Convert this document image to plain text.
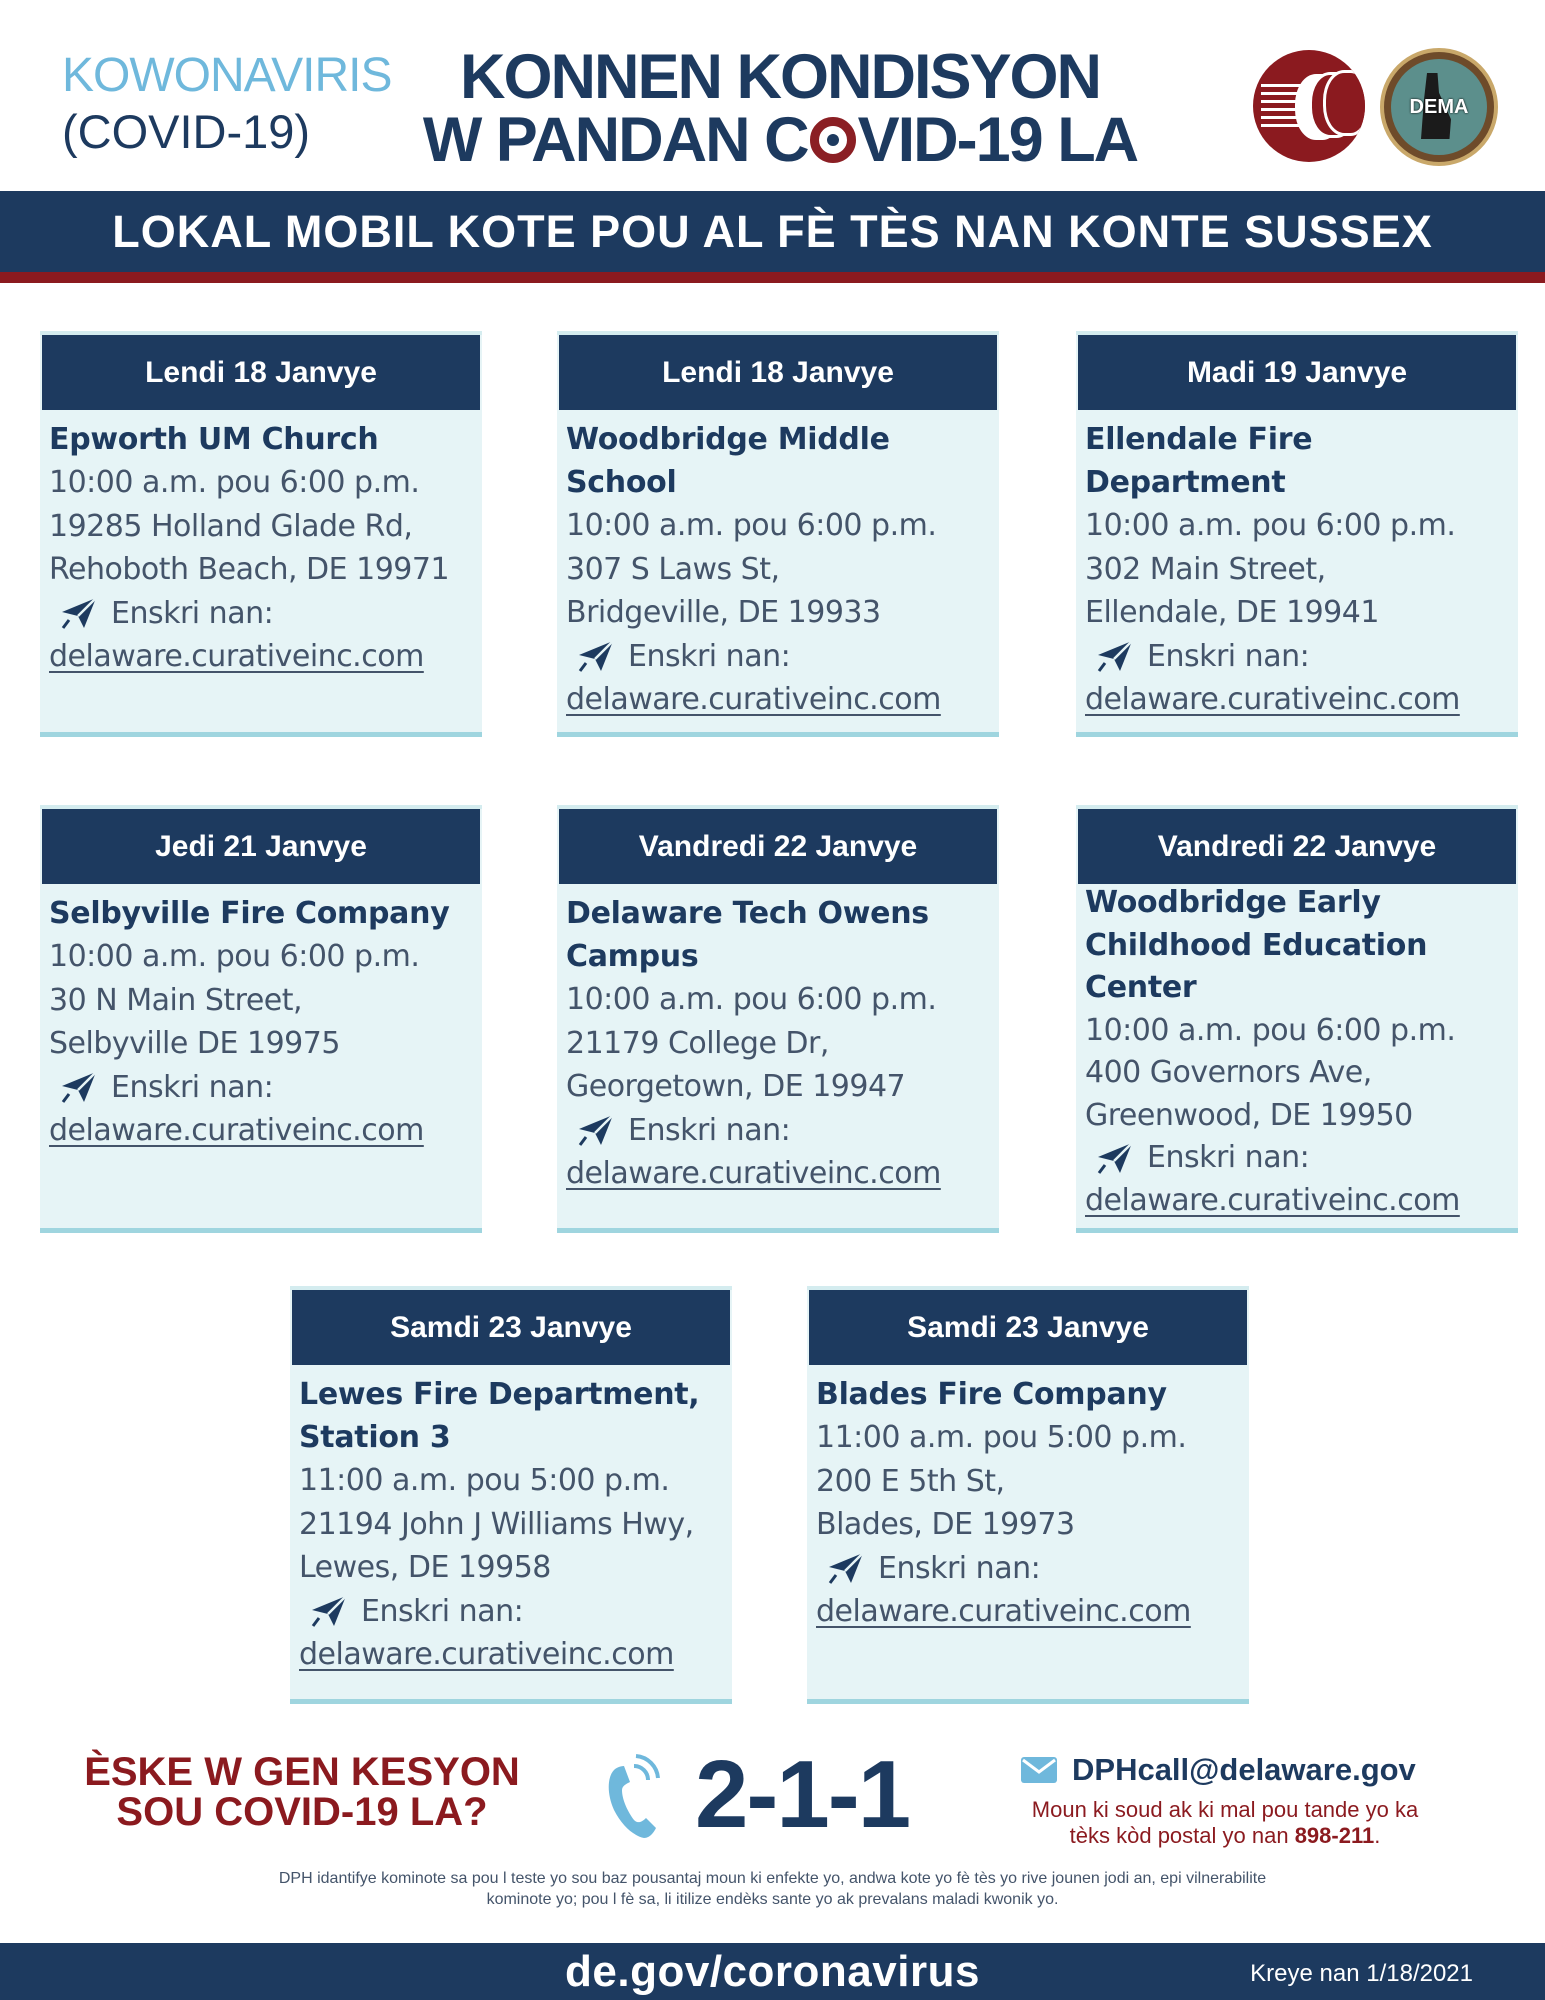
KOWONAVIRIS
(COVID-19)
KONNEN KONDISYON
W PANDAN C VID-19 LA	DEMA
LOKAL MOBIL KOTE POU AL FÈ TÈS NAN KONTE SUSSEX
Lendi 18 Janvye
Epworth UM Church
10:00 a.m. pou 6:00 p.m.
19285 Holland Glade Rd,
Rehoboth Beach, DE 19971
Enskri nan:
delaware.curativeinc.com
Lendi 18 Janvye
Woodbridge Middle School
10:00 a.m. pou 6:00 p.m.
307 S Laws St,
Bridgeville, DE 19933
Enskri nan:
delaware.curativeinc.com
Madi 19 Janvye
Ellendale Fire Department
10:00 a.m. pou 6:00 p.m.
302 Main Street,
Ellendale, DE 19941
Enskri nan:
delaware.curativeinc.com
Jedi 21 Janvye
Selbyville Fire Company
10:00 a.m. pou 6:00 p.m.
30 N Main Street,
Selbyville DE 19975
Enskri nan:
delaware.curativeinc.com
Vandredi 22 Janvye
Delaware Tech Owens
Campus
10:00 a.m. pou 6:00 p.m.
21179 College Dr,
Georgetown, DE 19947
Enskri nan:
delaware.curativeinc.com
Vandredi 22 Janvye
Woodbridge Early
Childhood Education
Center
10:00 a.m. pou 6:00 p.m.
400 Governors Ave,
Greenwood, DE 19950
Enskri nan:
delaware.curativeinc.com
Samdi 23 Janvye
Lewes Fire Department,
Station 3
11:00 a.m. pou 5:00 p.m.
21194 John J Williams Hwy,
Lewes, DE 19958
Enskri nan:
delaware.curativeinc.com
Samdi 23 Janvye
Blades Fire Company
11:00 a.m. pou 5:00 p.m.
200 E 5th St,
Blades, DE 19973
Enskri nan:
delaware.curativeinc.com
ÈSKE W GEN KESYON
SOU COVID-19 LA?	2-1-1	DPHcall@delaware.gov
Moun ki soud ak ki mal pou tande yo ka
tèks kòd postal yo nan 898-211.
DPH idantifye kominote sa pou l teste yo sou baz pousantaj moun ki enfekte yo, andwa kote yo fè tès yo rive jounen jodi an, epi vilnerabilite
kominote yo; pou l fè sa, li itilize endèks sante yo ak prevalans maladi kwonik yo.
de.gov/coronavirus	Kreye nan 1/18/2021
